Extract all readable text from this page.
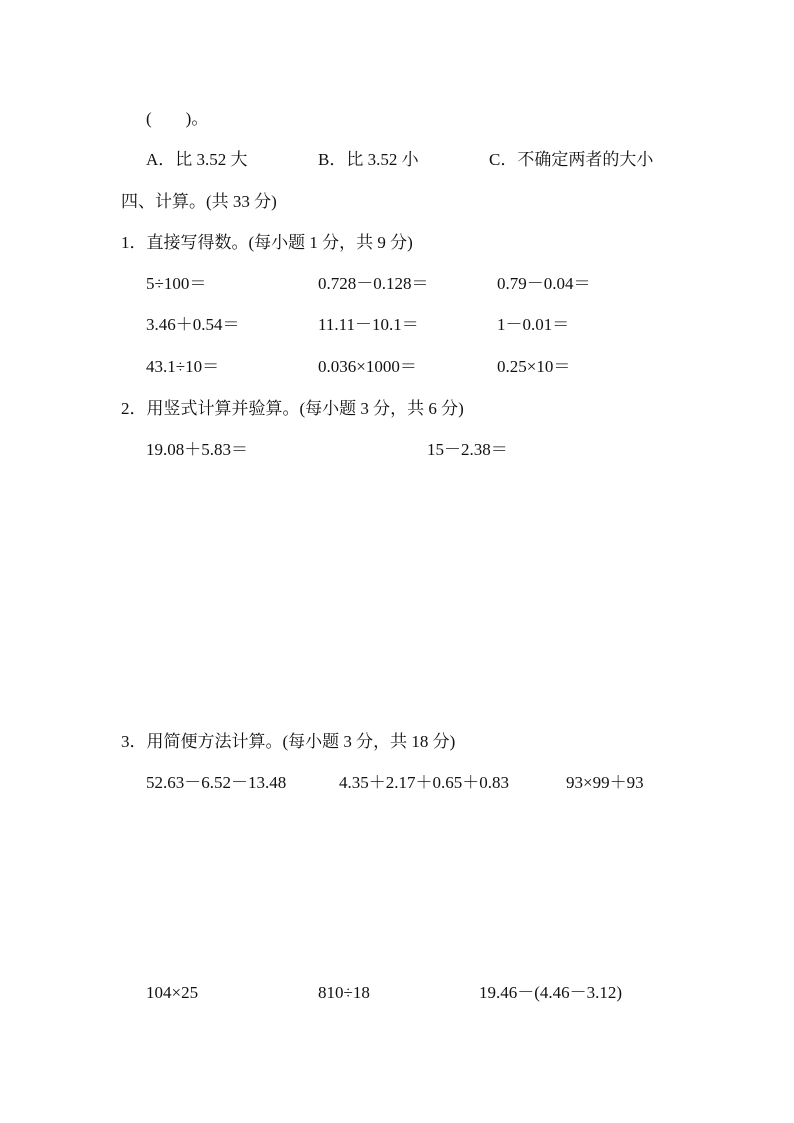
(　　)。
A．比 3.52 大	B．比 3.52 小	C．不确定两者的大小
四、计算。(共 33 分)
1．直接写得数。(每小题 1 分，共 9 分)
5÷100＝	0.728－0.128＝	0.79－0.04＝
3.46＋0.54＝	11.11－10.1＝	1－0.01＝
43.1÷10＝	0.036×1000＝	0.25×10＝
2．用竖式计算并验算。(每小题 3 分，共 6 分)
19.08＋5.83＝	15－2.38＝
3．用简便方法计算。(每小题 3 分，共 18 分)
52.63－6.52－13.48	4.35＋2.17＋0.65＋0.83	93×99＋93
104×25	810÷18	19.46－(4.46－3.12)
